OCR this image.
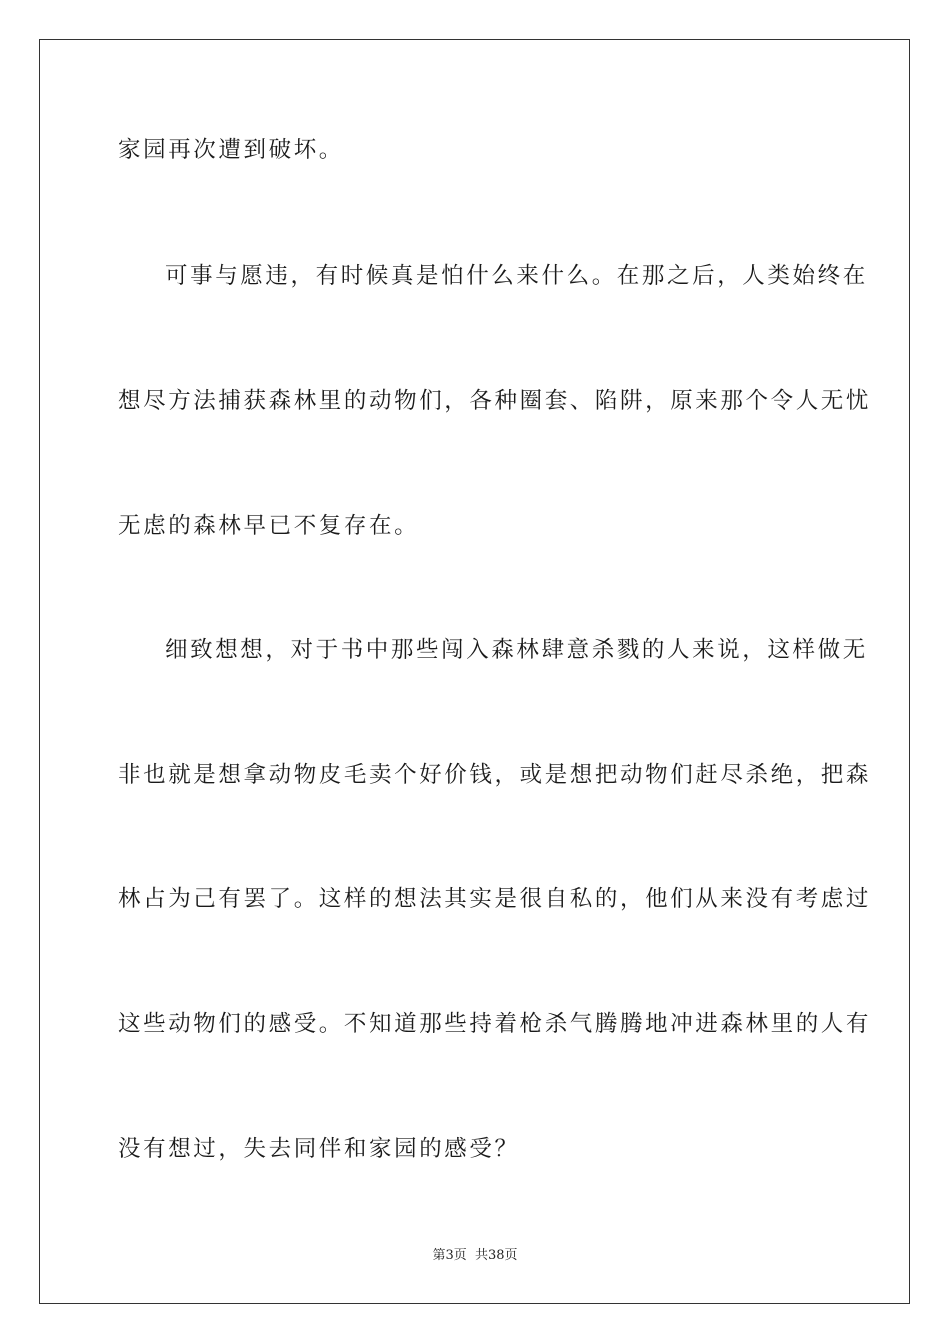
家园再次遭到破坏。
可事与愿违，有时候真是怕什么来什么。在那之后，人类始终在
想尽方法捕获森林里的动物们，各种圈套、陷阱，原来那个令人无忧
无虑的森林早已不复存在。
细致想想，对于书中那些闯入森林肆意杀戮的人来说，这样做无
非也就是想拿动物皮毛卖个好价钱，或是想把动物们赶尽杀绝，把森
林占为己有罢了。这样的想法其实是很自私的，他们从来没有考虑过
这些动物们的感受。不知道那些持着枪杀气腾腾地冲进森林里的人有
没有想过，失去同伴和家园的感受？
第3页 共38页
